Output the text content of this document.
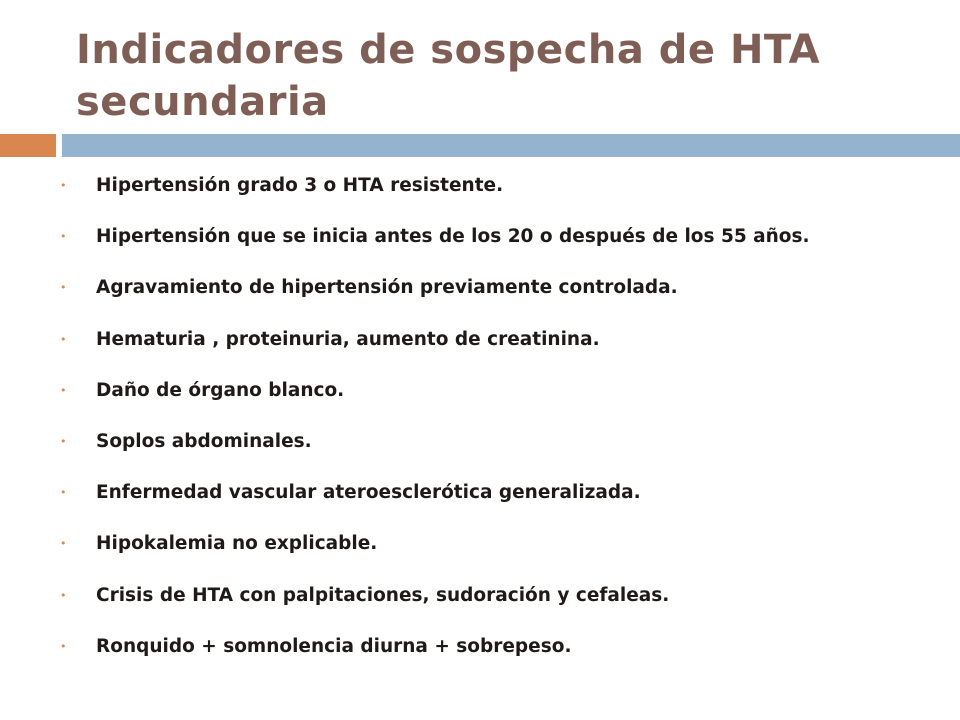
Indicadores de sospecha de HTA secundaria
•	Hipertensión grado 3 o HTA resistente.
•	Hipertensión que se inicia antes de los 20 o después de los 55 años.
•	Agravamiento de hipertensión previamente controlada.
•	Hematuria , proteinuria, aumento de creatinina.
•	Daño de órgano blanco.
•	Soplos abdominales.
•	Enfermedad vascular ateroesclerótica generalizada.
•	Hipokalemia no explicable.
•	Crisis de HTA con palpitaciones, sudoración y cefaleas.
•	Ronquido + somnolencia diurna + sobrepeso.
